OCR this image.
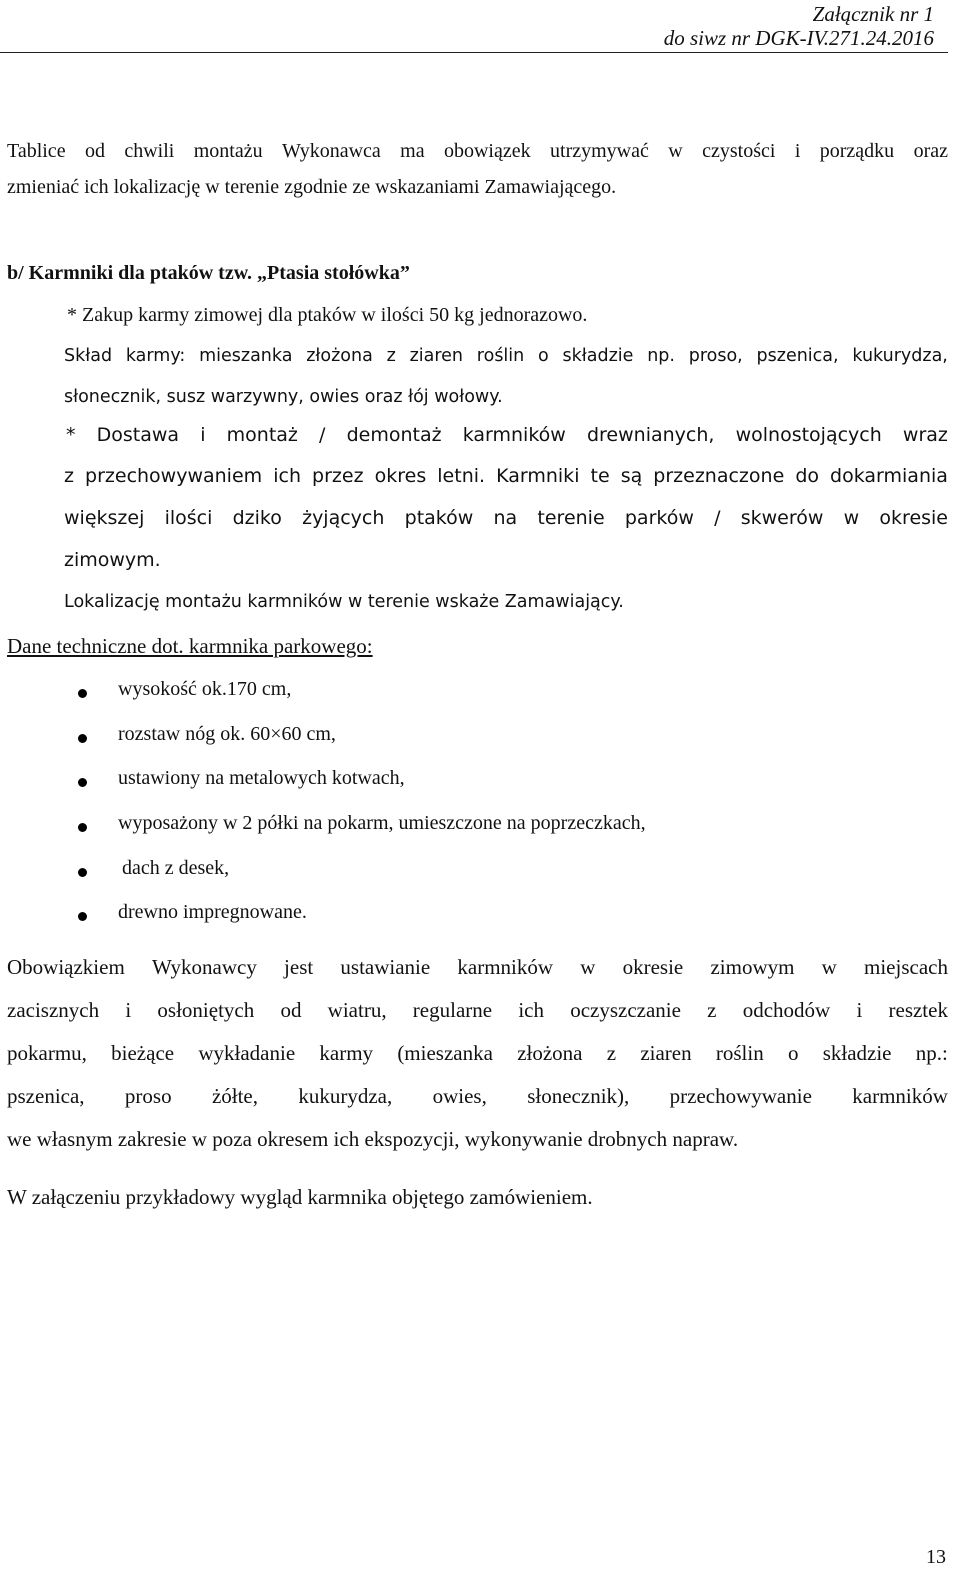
Załącznik nr 1
do siwz nr DGK-IV.271.24.2016
Tablice od chwili montażu Wykonawca ma obowiązek utrzymywać w czystości i porządku oraz
zmieniać ich lokalizację w terenie zgodnie ze wskazaniami Zamawiającego.
b/ Karmniki dla ptaków tzw. „Ptasia stołówka”
* Zakup karmy zimowej dla ptaków w ilości 50 kg jednorazowo.
Skład karmy: mieszanka złożona z ziaren roślin o składzie np. proso, pszenica, kukurydza,
słonecznik, susz warzywny, owies oraz łój wołowy.
* Dostawa i montaż / demontaż karmników drewnianych, wolnostojących wraz
z przechowywaniem ich przez okres letni. Karmniki te są przeznaczone do dokarmiania
większej ilości dziko żyjących ptaków na terenie parków / skwerów w okresie
zimowym.
Lokalizację montażu karmników w terenie wskaże Zamawiający.
Dane techniczne dot. karmnika parkowego:
wysokość ok.170 cm,
rozstaw nóg ok. 60×60 cm,
ustawiony na metalowych kotwach,
wyposażony w 2 półki na pokarm, umieszczone na poprzeczkach,
dach z desek,
drewno impregnowane.
Obowiązkiem Wykonawcy jest ustawianie karmników w okresie zimowym w miejscach
zacisznych i osłoniętych od wiatru, regularne ich oczyszczanie z odchodów i resztek
pokarmu, bieżące wykładanie karmy (mieszanka złożona z ziaren roślin o składzie np.:
pszenica, proso żółte, kukurydza, owies, słonecznik), przechowywanie karmników
we własnym zakresie w poza okresem ich ekspozycji, wykonywanie drobnych napraw.
W załączeniu przykładowy wygląd karmnika objętego zamówieniem.
13
